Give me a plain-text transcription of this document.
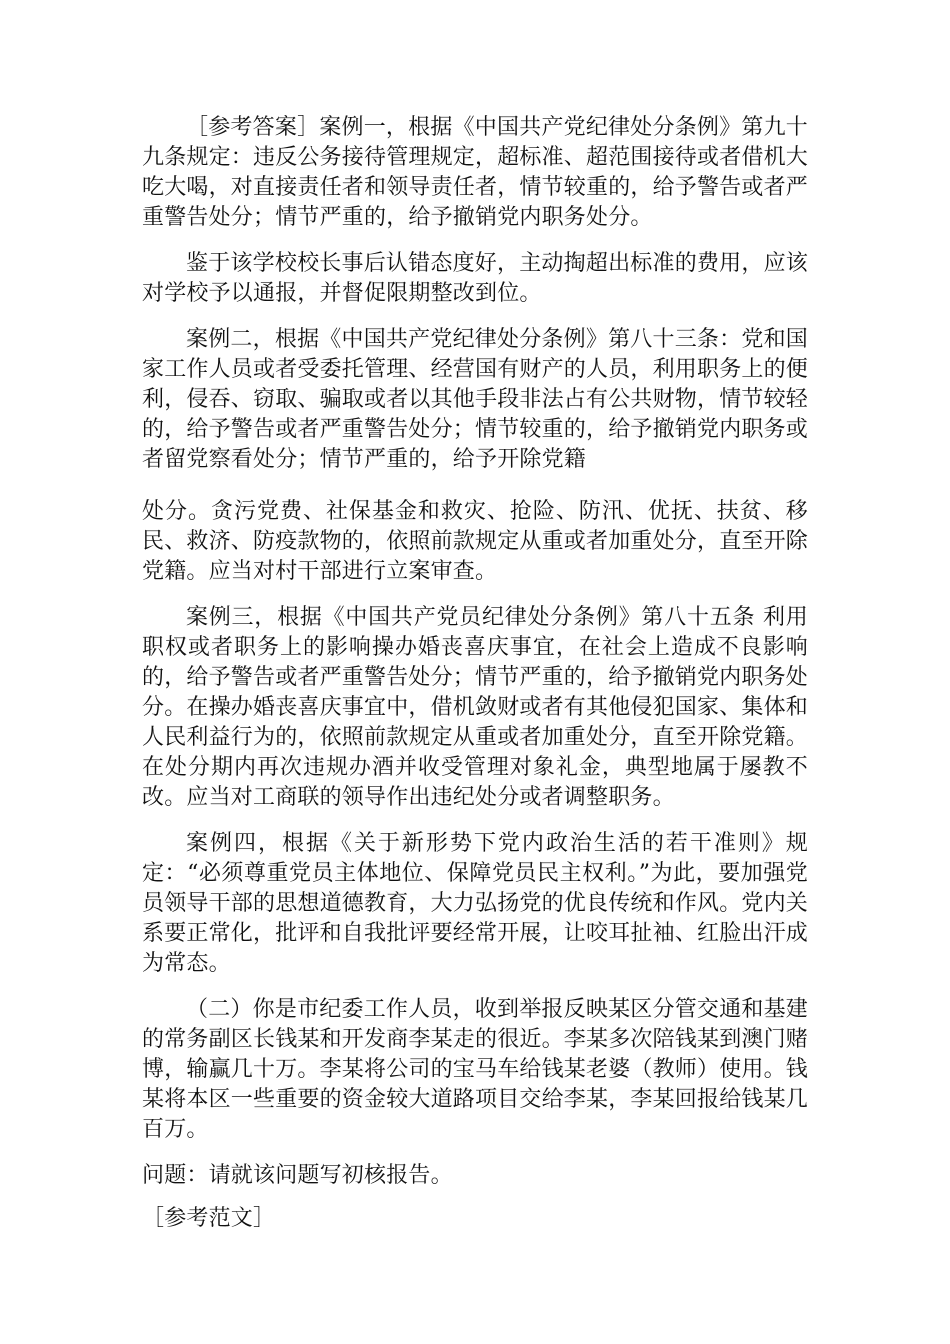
［参考答案］案例一，根据《中国共产党纪律处分条例》第九十九条规定：违反公务接待管理规定，超标准、超范围接待或者借机大吃大喝，对直接责任者和领导责任者，情节较重的，给予警告或者严重警告处分；情节严重的，给予撤销党内职务处分。

鉴于该学校校长事后认错态度好，主动掏超出标准的费用，应该对学校予以通报，并督促限期整改到位。

案例二，根据《中国共产党纪律处分条例》第八十三条：党和国家工作人员或者受委托管理、经营国有财产的人员，利用职务上的便利，侵吞、窃取、骗取或者以其他手段非法占有公共财物，情节较轻的，给予警告或者严重警告处分；情节较重的，给予撤销党内职务或者留党察看处分；情节严重的，给予开除党籍

处分。贪污党费、社保基金和救灾、抢险、防汛、优抚、扶贫、移民、救济、防疫款物的，依照前款规定从重或者加重处分，直至开除党籍。应当对村干部进行立案审查。

案例三，根据《中国共产党员纪律处分条例》第八十五条 利用职权或者职务上的影响操办婚丧喜庆事宜，在社会上造成不良影响的，给予警告或者严重警告处分；情节严重的，给予撤销党内职务处分。在操办婚丧喜庆事宜中，借机敛财或者有其他侵犯国家、集体和人民利益行为的，依照前款规定从重或者加重处分，直至开除党籍。在处分期内再次违规办酒并收受管理对象礼金，典型地属于屡教不改。应当对工商联的领导作出违纪处分或者调整职务。

案例四，根据《关于新形势下党内政治生活的若干准则》规定：“必须尊重党员主体地位、保障党员民主权利。”为此，要加强党员领导干部的思想道德教育，大力弘扬党的优良传统和作风。党内关系要正常化，批评和自我批评要经常开展，让咬耳扯袖、红脸出汗成为常态。

（二）你是市纪委工作人员，收到举报反映某区分管交通和基建的常务副区长钱某和开发商李某走的很近。李某多次陪钱某到澳门赌博，输赢几十万。李某将公司的宝马车给钱某老婆（教师）使用。钱某将本区一些重要的资金较大道路项目交给李某，李某回报给钱某几百万。

问题：请就该问题写初核报告。

［参考范文］
